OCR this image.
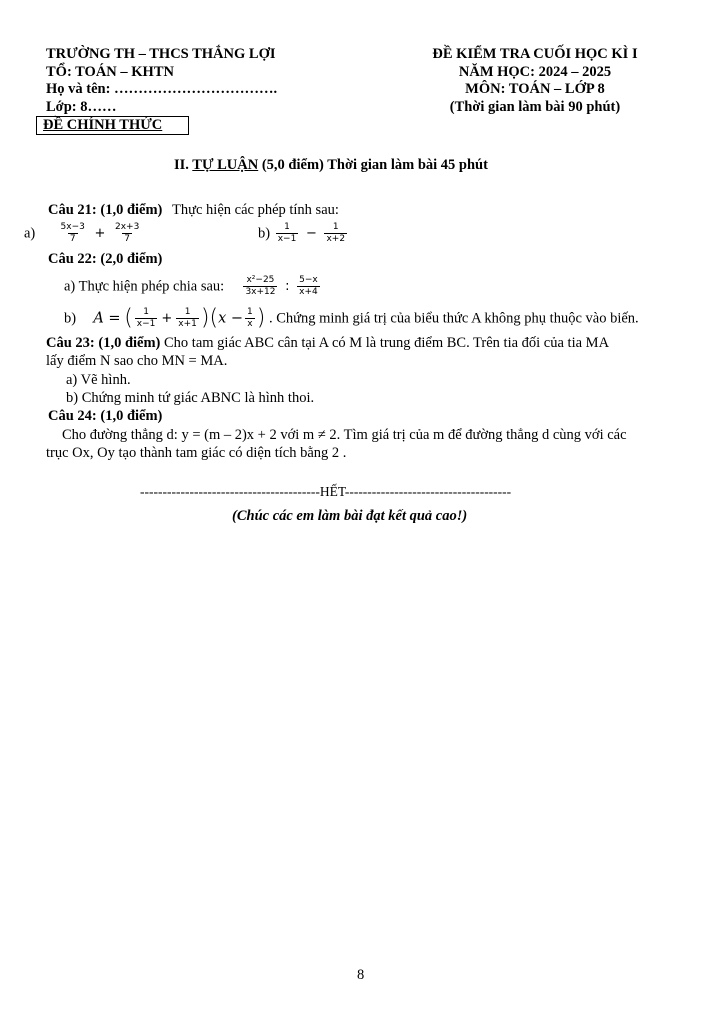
TRƯỜNG TH – THCS THẮNG LỢI
TỔ: TOÁN – KHTN
Họ và tên: …………………………….
Lớp: 8……
ĐỀ CHÍNH THỨC
ĐỀ KIỂM TRA CUỐI HỌC KÌ I
NĂM HỌC: 2024 – 2025
MÔN: TOÁN – LỚP 8
(Thời gian làm bài 90 phút)
II. TỰ LUẬN (5,0 điểm) Thời gian làm bài 45 phút
Câu 21: (1,0 điểm) Thực hiện các phép tính sau:
a)	$\frac{5x-3}{7} + \frac{2x+3}{7}$	$b) \frac{1}{x-1} - \frac{1}{x+2}$
Câu 22: (2,0 điểm)
a) Thực hiện phép chia sau: $\frac{\text{x²−25}}{3x+12}$ : $\frac{5-x}{x+4}$
b) A = ( $\frac{1}{x-1} + \frac{1}{x+1} )(x - \frac{1}{x}$ ) . Chứng minh giá trị của biểu thức A không phụ thuộc vào biến.
Câu 23: (1,0 điểm) Cho tam giác ABC cân tại A có M là trung điểm BC. Trên tia đối của tia MA
lấy điểm N sao cho MN = MA.
a) Vẽ hình.
b) Chứng minh tứ giác ABNC là hình thoi.
Câu 24: (1,0 điểm)
Cho đường thẳng d: y = (m – 2)x + 2 với m ≠ 2. Tìm giá trị của m để đường thẳng d cùng với các
trục Ox, Oy tạo thành tam giác có diện tích bằng 2 .
----------------------------------------HẾT-------------------------------------
(Chúc các em làm bài đạt kết quả cao!)
8
